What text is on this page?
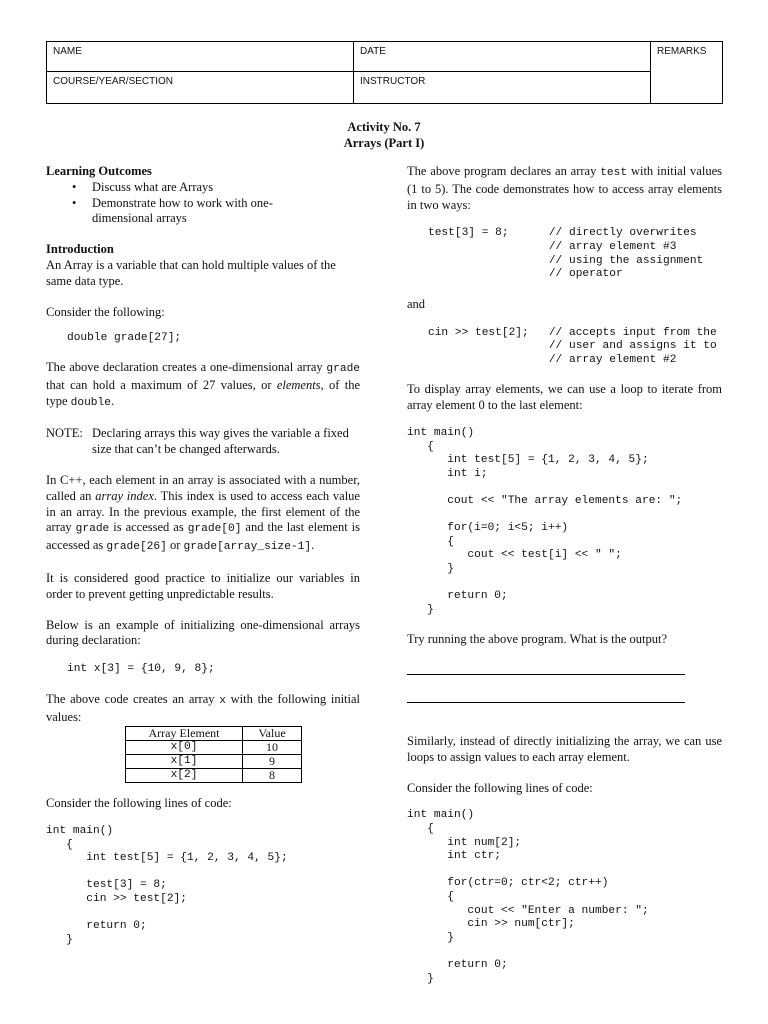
NAME	DATE	REMARKS
COURSE/YEAR/SECTION	INSTRUCTOR	
Activity No. 7
Arrays (Part I)

Learning Outcomes

• Discuss what are Arrays
• Demonstrate how to work with one-dimensional arrays

Introduction

An Array is a variable that can hold multiple values of the same data type.

Consider the following:

double grade[27];

The above declaration creates a one-dimensional array grade that can hold a maximum of 27 values, or elements, of the type double.

NOTE: Declaring arrays this way gives the variable a fixed size that can’t be changed afterwards.

In C++, each element in an array is associated with a number, called an array index. This index is used to access each value in an array. In the previous example, the first element of the array grade is accessed as grade[0] and the last element is accessed as grade[26] or grade[array_size-1].

It is considered good practice to initialize our variables in order to prevent getting unpredictable results.

Below is an example of initializing one-dimensional arrays during declaration:

int x[3] = {10, 9, 8};

The above code creates an array x with the following initial values:

Array Element	Value
x[0]	10
x[1]	9
x[2]	8

Consider the following lines of code:

int main()
{
int test[5] = {1, 2, 3, 4, 5};

test[3] = 8;
cin >> test[2];

return 0;
}

The above program declares an array test with initial values (1 to 5). The code demonstrates how to access array elements in two ways:

test[3] = 8;      // directly overwrites
// array element #3
// using the assignment
// operator

and

cin >> test[2];   // accepts input from the
// user and assigns it to
// array element #2

To display array elements, we can use a loop to iterate from array element 0 to the last element:

int main()
{
int test[5] = {1, 2, 3, 4, 5};
int i;

cout << "The array elements are: ";

for(i=0; i<5; i++)
{
cout << test[i] << " ";
}

return 0;
}

Try running the above program. What is the output?

Similarly, instead of directly initializing the array, we can use loops to assign values to each array element.

Consider the following lines of code:

int main()
{
int num[2];
int ctr;

for(ctr=0; ctr<2; ctr++)
{
cout << "Enter a number: ";
cin >> num[ctr];
}

return 0;
}
